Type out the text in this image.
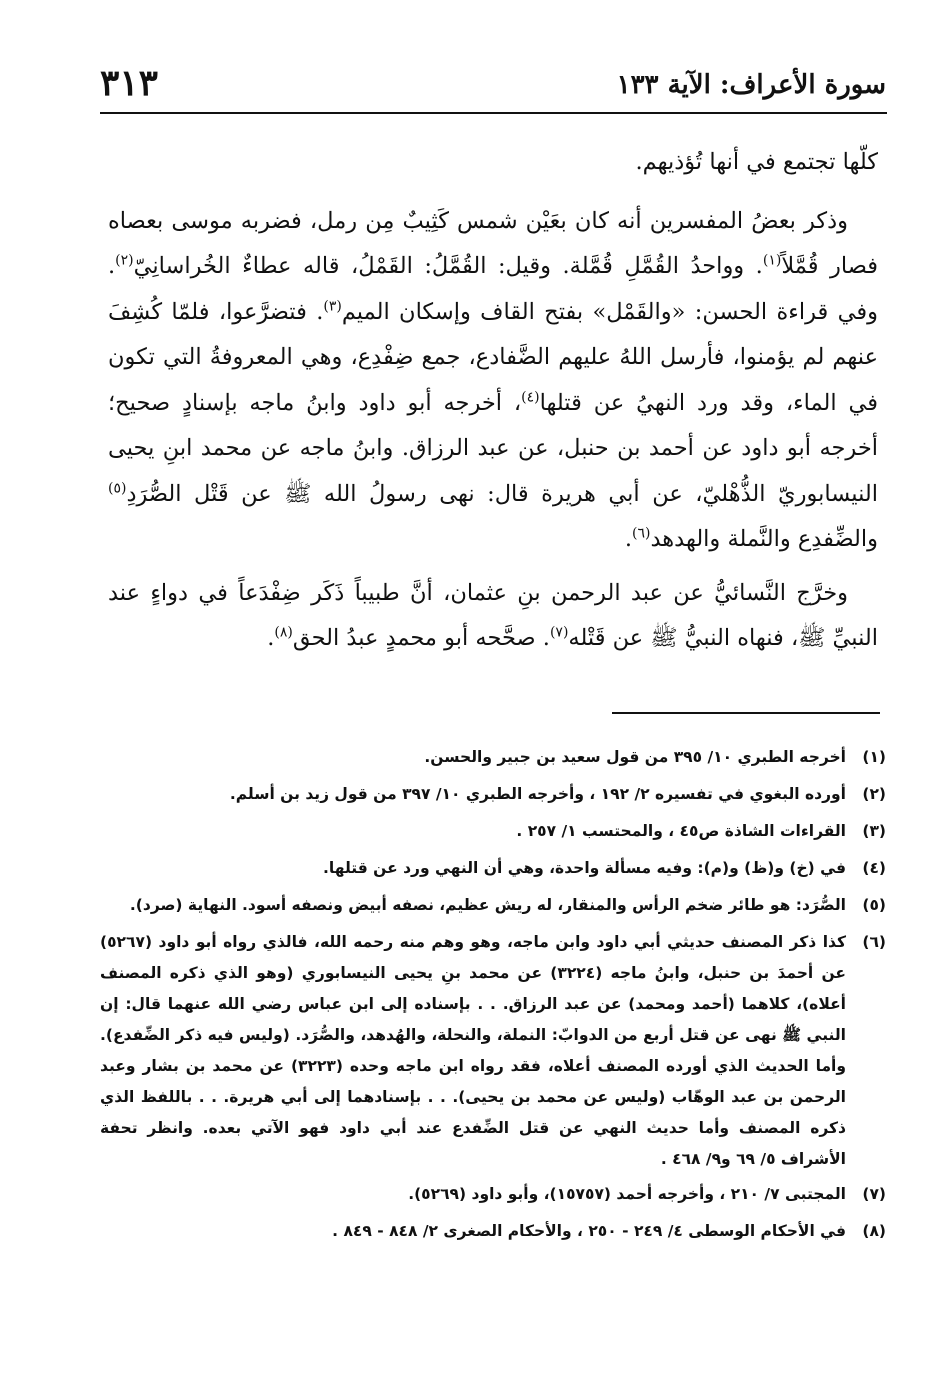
٣١٣	سورة الأعراف: الآية ١٣٣

كلّها تجتمع في أنها تُؤذيهم.

وذكر بعضُ المفسرين أنه كان بعَيْن شمس كَثِيبٌ مِن رمل، فضربه موسى بعصاه فصار قُمَّلاً$^{(١)}$. وواحدُ القُمَّلِ قُمَّلة. وقيل: القُمَّلُ: القَمْلُ، قاله عطاءٌ الخُراسانِيّ$^{(٢)}$. وفي قراءة الحسن: «والقَمْل» بفتح القاف وإسكان الميم$^{(٣)}$. فتضرَّعوا، فلمّا كُشِفَ عنهم لم يؤمنوا، فأرسل اللهُ عليهم الضَّفادع، جمع ضِفْدِع، وهي المعروفةُ التي تكون في الماء، وقد ورد النهيُ عن قتلها$^{(٤)}$، أخرجه أبو داود وابنُ ماجه بإسنادٍ صحيح؛ أخرجه أبو داود عن أحمد بن حنبل، عن عبد الرزاق. وابنُ ماجه عن محمد ابنِ يحيى النيسابوريّ الذُّهْليّ، عن أبي هريرة قال: نهى رسولُ الله ﷺ عن قَتْل الصُّرَدِ$^{(٥)}$ والضِّفدِع والنَّملة والهدهد$^{(٦)}$.

وخرَّج النَّسائيُّ عن عبد الرحمن بنِ عثمان، أنَّ طبيباً ذَكَر ضِفْدَعاً في دواءٍ عند النبيِّ ﷺ، فنهاه النبيُّ ﷺ عن قَتْله$^{(٧)}$. صحَّحه أبو محمدٍ عبدُ الحق$^{(٨)}$.

(١)
أخرجه الطبري ١٠/ ٣٩٥ من قول سعيد بن جبير والحسن.
(٢)
أورده البغوي في تفسيره ٢/ ١٩٢ ، وأخرجه الطبري ١٠/ ٣٩٧ من قول زيد بن أسلم.
(٣)
القراءات الشاذة ص٤٥ ، والمحتسب ١/ ٢٥٧ .
(٤)
في (خ) و(ظ) و(م): وفيه مسألة واحدة، وهي أن النهي ورد عن قتلها.
(٥)
الصُّرَد: هو طائر ضخم الرأس والمنقار، له ريش عظيم، نصفه أبيض ونصفه أسود. النهاية (صرد).
(٦)
كذا ذكر المصنف حديثي أبي داود وابن ماجه، وهو وهم منه رحمه الله، فالذي رواه أبو داود (٥٢٦٧) عن أحمدَ بن حنبل، وابنُ ماجه (٣٢٢٤) عن محمد بنِ يحيى النيسابوري (وهو الذي ذكره المصنف أعلاه)، كلاهما (أحمد ومحمد) عن عبد الرزاق. . . بإسناده إلى ابن عباس رضي الله عنهما قال: إن النبي ﷺ نهى عن قتل أربع من الدوابّ: النملة، والنحلة، والهُدهد، والصُّرَد. (وليس فيه ذكر الضِّفدع). وأما الحديث الذي أورده المصنف أعلاه، فقد رواه ابن ماجه وحده (٣٢٢٣) عن محمد بن بشار وعبد الرحمن بن عبد الوهّاب (وليس عن محمد بن يحيى). . . بإسنادهما إلى أبي هريرة. . . باللفظ الذي ذكره المصنف وأما حديث النهي عن قتل الضِّفدع عند أبي داود فهو الآتي بعده. وانظر تحفة الأشراف ٥/ ٦٩ و٩/ ٤٦٨ .
(٧)
المجتبى ٧/ ٢١٠ ، وأخرجه أحمد (١٥٧٥٧)، وأبو داود (٥٢٦٩).
(٨)
في الأحكام الوسطى ٤/ ٢٤٩ - ٢٥٠ ، والأحكام الصغرى ٢/ ٨٤٨ - ٨٤٩ .
